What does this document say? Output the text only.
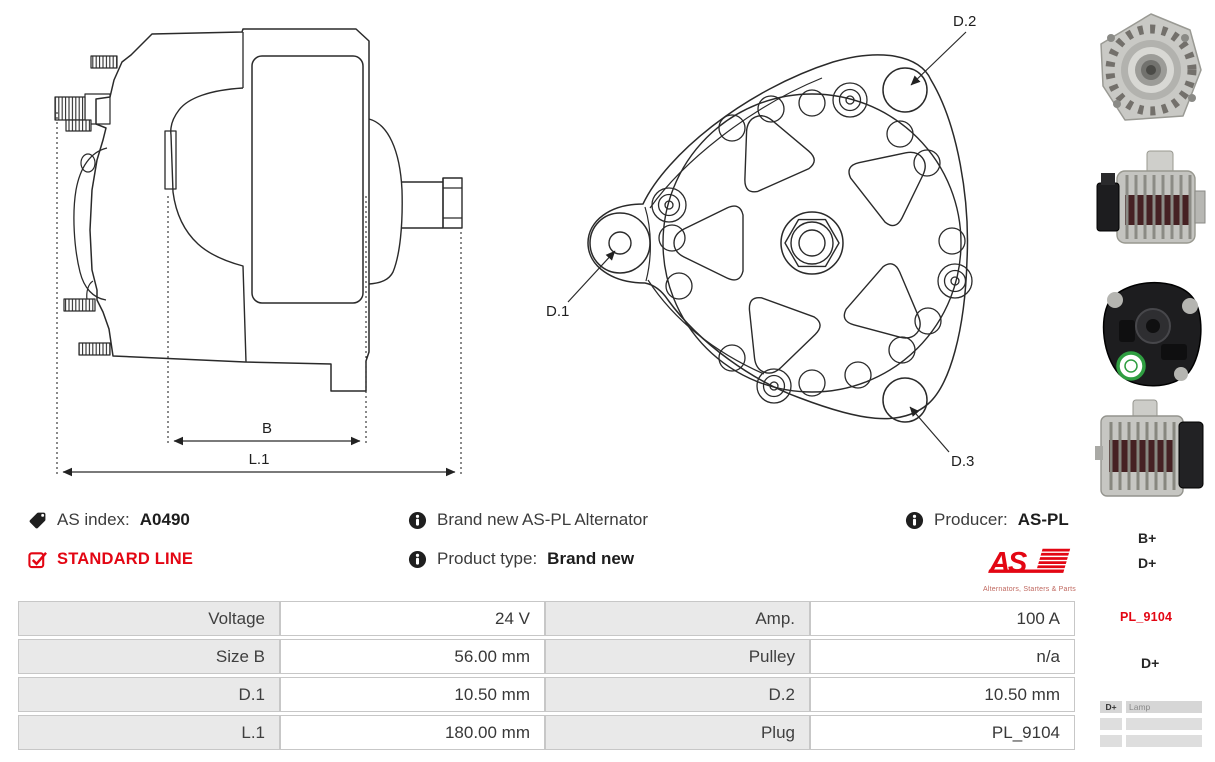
B
L.1
D.2
D.1
D.3
AS index: A0490
STANDARD LINE
Brand new AS-PL Alternator
Product type: Brand new
Producer: AS-PL
AS
Alternators, Starters & Parts
Voltage	24 V	Amp.	100 A
Size B	56.00 mm	Pulley	n/a
D.1	10.50 mm	D.2	10.50 mm
L.1	180.00 mm	Plug	PL_9104
B+
D+
PL_9104
D+
D+	Lamp
